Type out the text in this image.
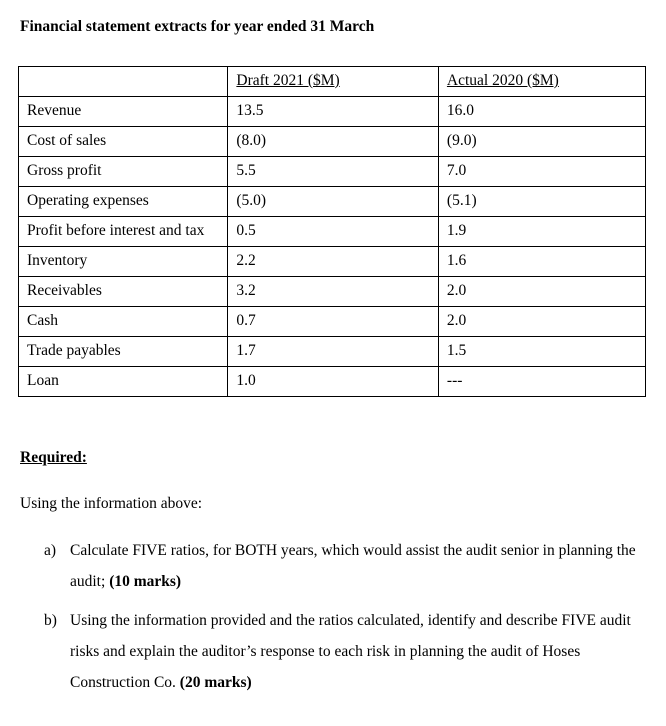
Financial statement extracts for year ended 31 March

	Draft 2021 ($M)	Actual 2020 ($M)
Revenue	13.5	16.0
Cost of sales	(8.0)	(9.0)
Gross profit	5.5	7.0
Operating expenses	(5.0)	(5.1)
Profit before interest and tax	0.5	1.9
Inventory	2.2	1.6
Receivables	3.2	2.0
Cash	0.7	2.0
Trade payables	1.7	1.5
Loan	1.0	---

Required:

Using the information above:

a) Calculate FIVE ratios, for BOTH years, which would assist the audit senior in planning the audit; (10 marks)
b) Using the information provided and the ratios calculated, identify and describe FIVE audit risks and explain the auditor’s response to each risk in planning the audit of Hoses Construction Co. (20 marks)
